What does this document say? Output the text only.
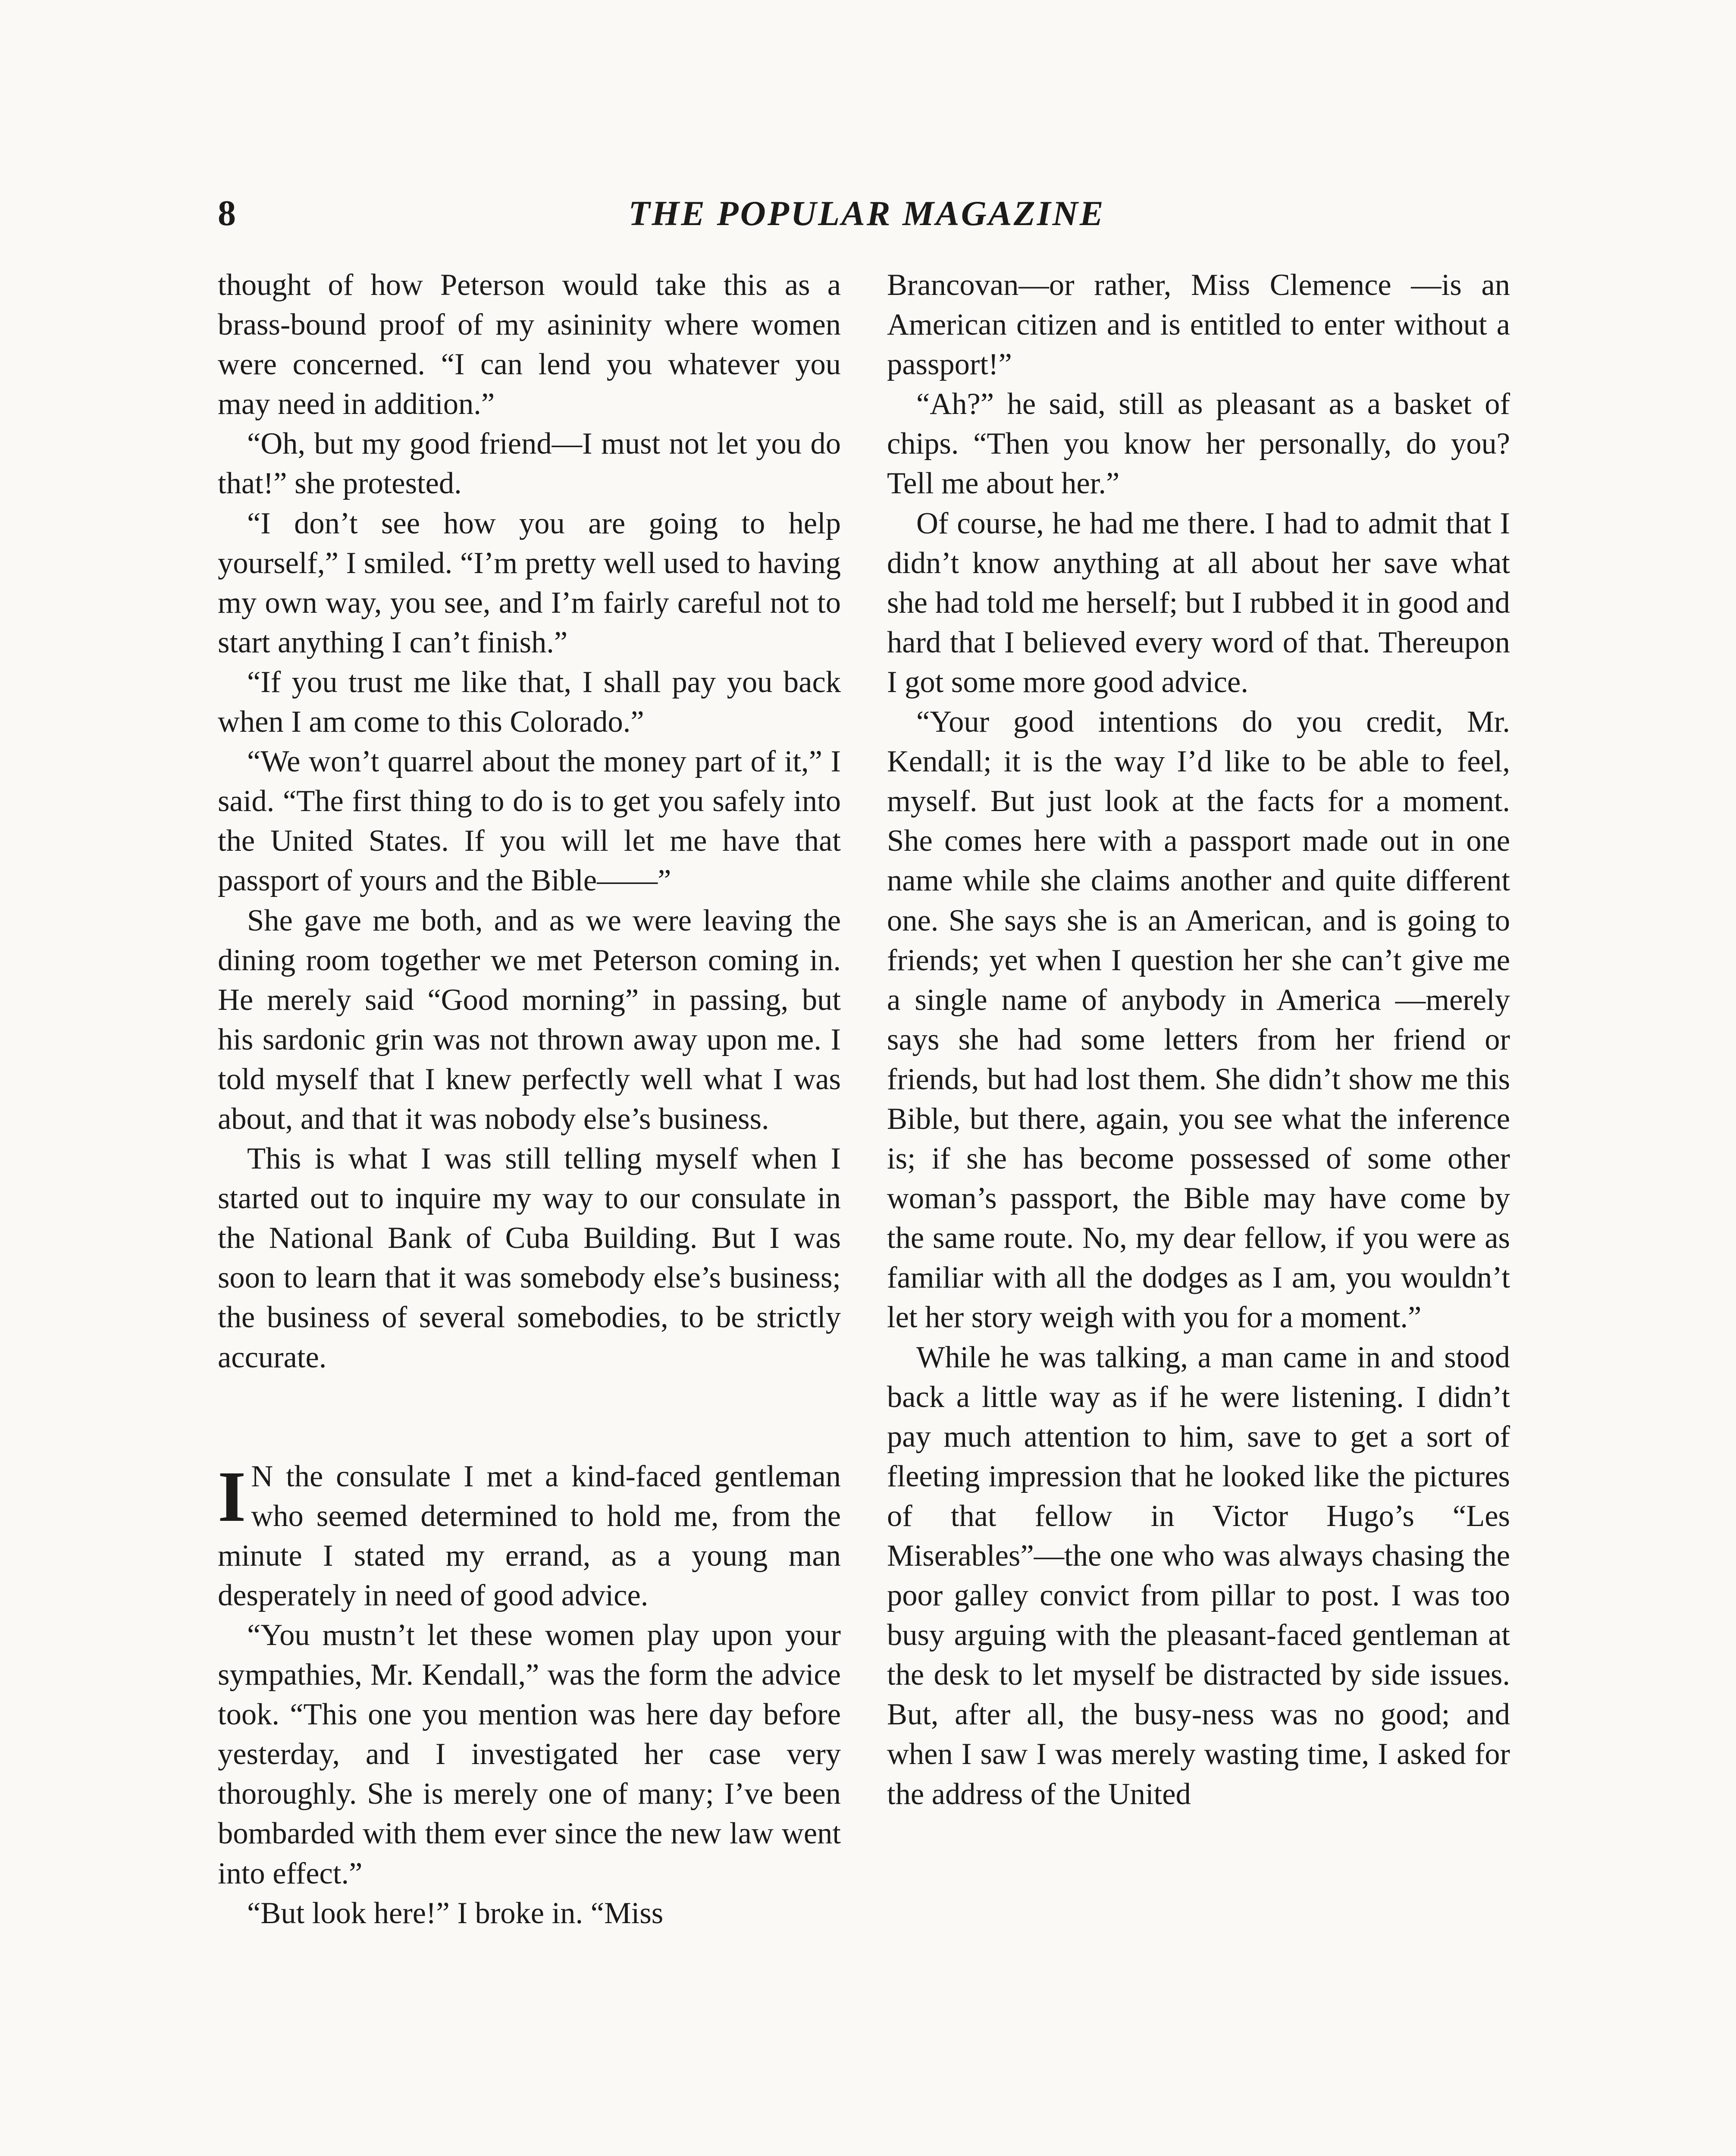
8	THE POPULAR MAGAZINE

thought of how Peterson would take this as a brass-bound proof of my asininity where women were concerned. “I can lend you whatever you may need in addition.”

“Oh, but my good friend—I must not let you do that!” she protested.

“I don’t see how you are going to help yourself,” I smiled. “I’m pretty well used to having my own way, you see, and I’m fairly careful not to start anything I can’t finish.”

“If you trust me like that, I shall pay you back when I am come to this Colorado.”

“We won’t quarrel about the money part of it,” I said. “The first thing to do is to get you safely into the United States. If you will let me have that passport of yours and the Bible——”

She gave me both, and as we were leaving the dining room together we met Peterson coming in. He merely said “Good morning” in passing, but his sardonic grin was not thrown away upon me. I told myself that I knew perfectly well what I was about, and that it was nobody else’s business.

This is what I was still telling myself when I started out to inquire my way to our consulate in the National Bank of Cuba Building. But I was soon to learn that it was somebody else’s business; the business of several somebodies, to be strictly accurate.

I N the consulate I met a kind-faced gentleman who seemed determined to hold me, from the minute I stated my errand, as a young man desperately in need of good advice.

“You mustn’t let these women play upon your sympathies, Mr. Kendall,” was the form the advice took. “This one you mention was here day before yesterday, and I investigated her case very thoroughly. She is merely one of many; I’ve been bombarded with them ever since the new law went into effect.”

“But look here!” I broke in. “Miss

Brancovan—or rather, Miss Clemence —is an American citizen and is entitled to enter without a passport!”

“Ah?” he said, still as pleasant as a basket of chips. “Then you know her personally, do you? Tell me about her.”

Of course, he had me there. I had to admit that I didn’t know anything at all about her save what she had told me herself; but I rubbed it in good and hard that I believed every word of that. Thereupon I got some more good advice.

“Your good intentions do you credit, Mr. Kendall; it is the way I’d like to be able to feel, myself. But just look at the facts for a moment. She comes here with a passport made out in one name while she claims another and quite different one. She says she is an American, and is going to friends; yet when I question her she can’t give me a single name of anybody in America —merely says she had some letters from her friend or friends, but had lost them. She didn’t show me this Bible, but there, again, you see what the inference is; if she has become possessed of some other woman’s passport, the Bible may have come by the same route. No, my dear fellow, if you were as familiar with all the dodges as I am, you wouldn’t let her story weigh with you for a moment.”

While he was talking, a man came in and stood back a little way as if he were listening. I didn’t pay much attention to him, save to get a sort of fleeting impression that he looked like the pictures of that fellow in Victor Hugo’s “Les Miserables”—the one who was always chasing the poor galley convict from pillar to post. I was too busy arguing with the pleasant-faced gentleman at the desk to let myself be distracted by side issues. But, after all, the busy-ness was no good; and when I saw I was merely wasting time, I asked for the address of the United
